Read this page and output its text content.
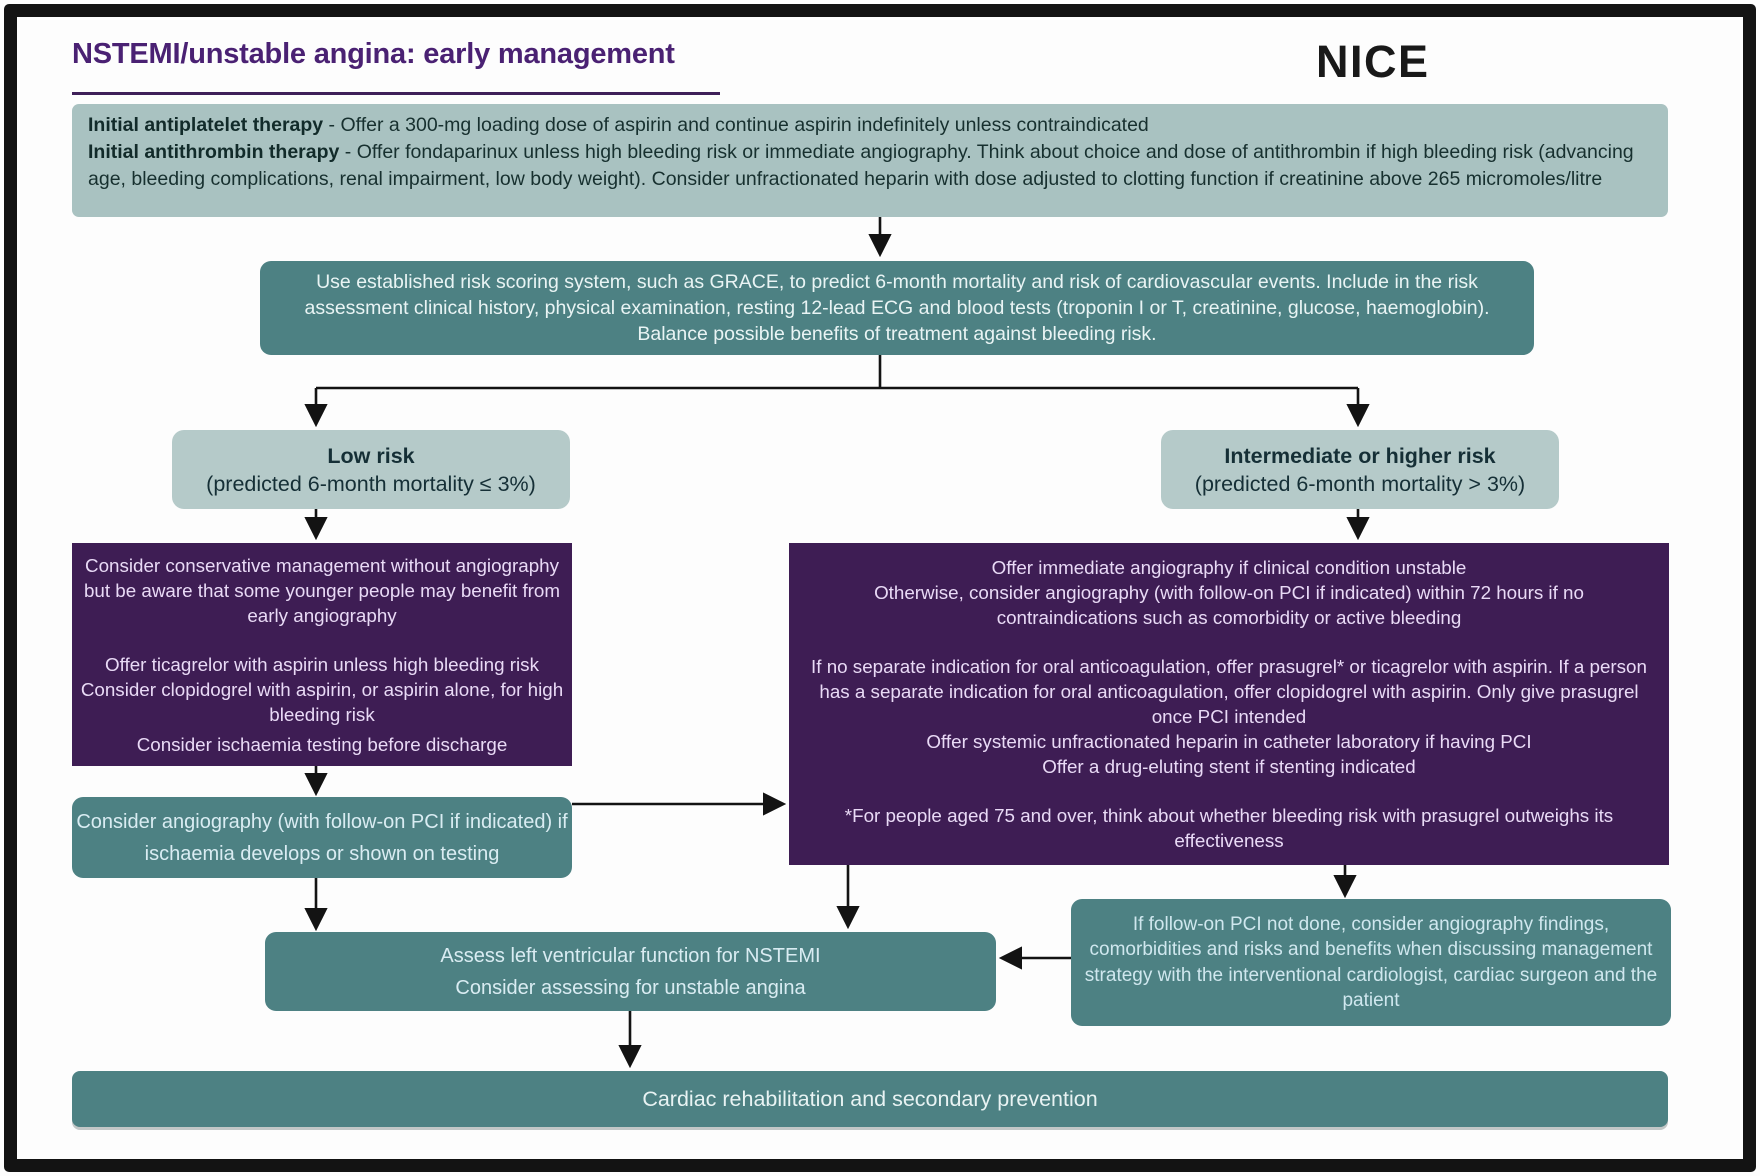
NSTEMI/unstable angina: early management	NICE
Initial antiplatelet therapy - Offer a 300-mg loading dose of aspirin and continue aspirin indefinitely unless contraindicated
Initial antithrombin therapy - Offer fondaparinux unless high bleeding risk or immediate angiography. Think about choice and dose of antithrombin if high bleeding risk (advancing age, bleeding complications, renal impairment, low body weight). Consider unfractionated heparin with dose adjusted to clotting function if creatinine above 265 micromoles/litre
Use established risk scoring system, such as GRACE, to predict 6-month mortality and risk of cardiovascular events. Include in the risk assessment clinical history, physical examination, resting 12-lead ECG and blood tests (troponin I or T, creatinine, glucose, haemoglobin). Balance possible benefits of treatment against bleeding risk.
Low risk
(predicted 6-month mortality ≤ 3%)
Intermediate or higher risk
(predicted 6-month mortality > 3%)
Consider conservative management without angiography but be aware that some younger people may benefit from early angiography
Offer ticagrelor with aspirin unless high bleeding risk
Consider clopidogrel with aspirin, or aspirin alone, for high bleeding risk
Consider ischaemia testing before discharge
Offer immediate angiography if clinical condition unstable
Otherwise, consider angiography (with follow-on PCI if indicated) within 72 hours if no contraindications such as comorbidity or active bleeding
If no separate indication for oral anticoagulation, offer prasugrel* or ticagrelor with aspirin. If a person has a separate indication for oral anticoagulation, offer clopidogrel with aspirin. Only give prasugrel once PCI intended
Offer systemic unfractionated heparin in catheter laboratory if having PCI
Offer a drug-eluting stent if stenting indicated
*For people aged 75 and over, think about whether bleeding risk with prasugrel outweighs its effectiveness
Consider angiography (with follow-on PCI if indicated) if ischaemia develops or shown on testing
Assess left ventricular function for NSTEMI
Consider assessing for unstable angina
If follow-on PCI not done, consider angiography findings, comorbidities and risks and benefits when discussing management strategy with the interventional cardiologist, cardiac surgeon and the patient
Cardiac rehabilitation and secondary prevention
